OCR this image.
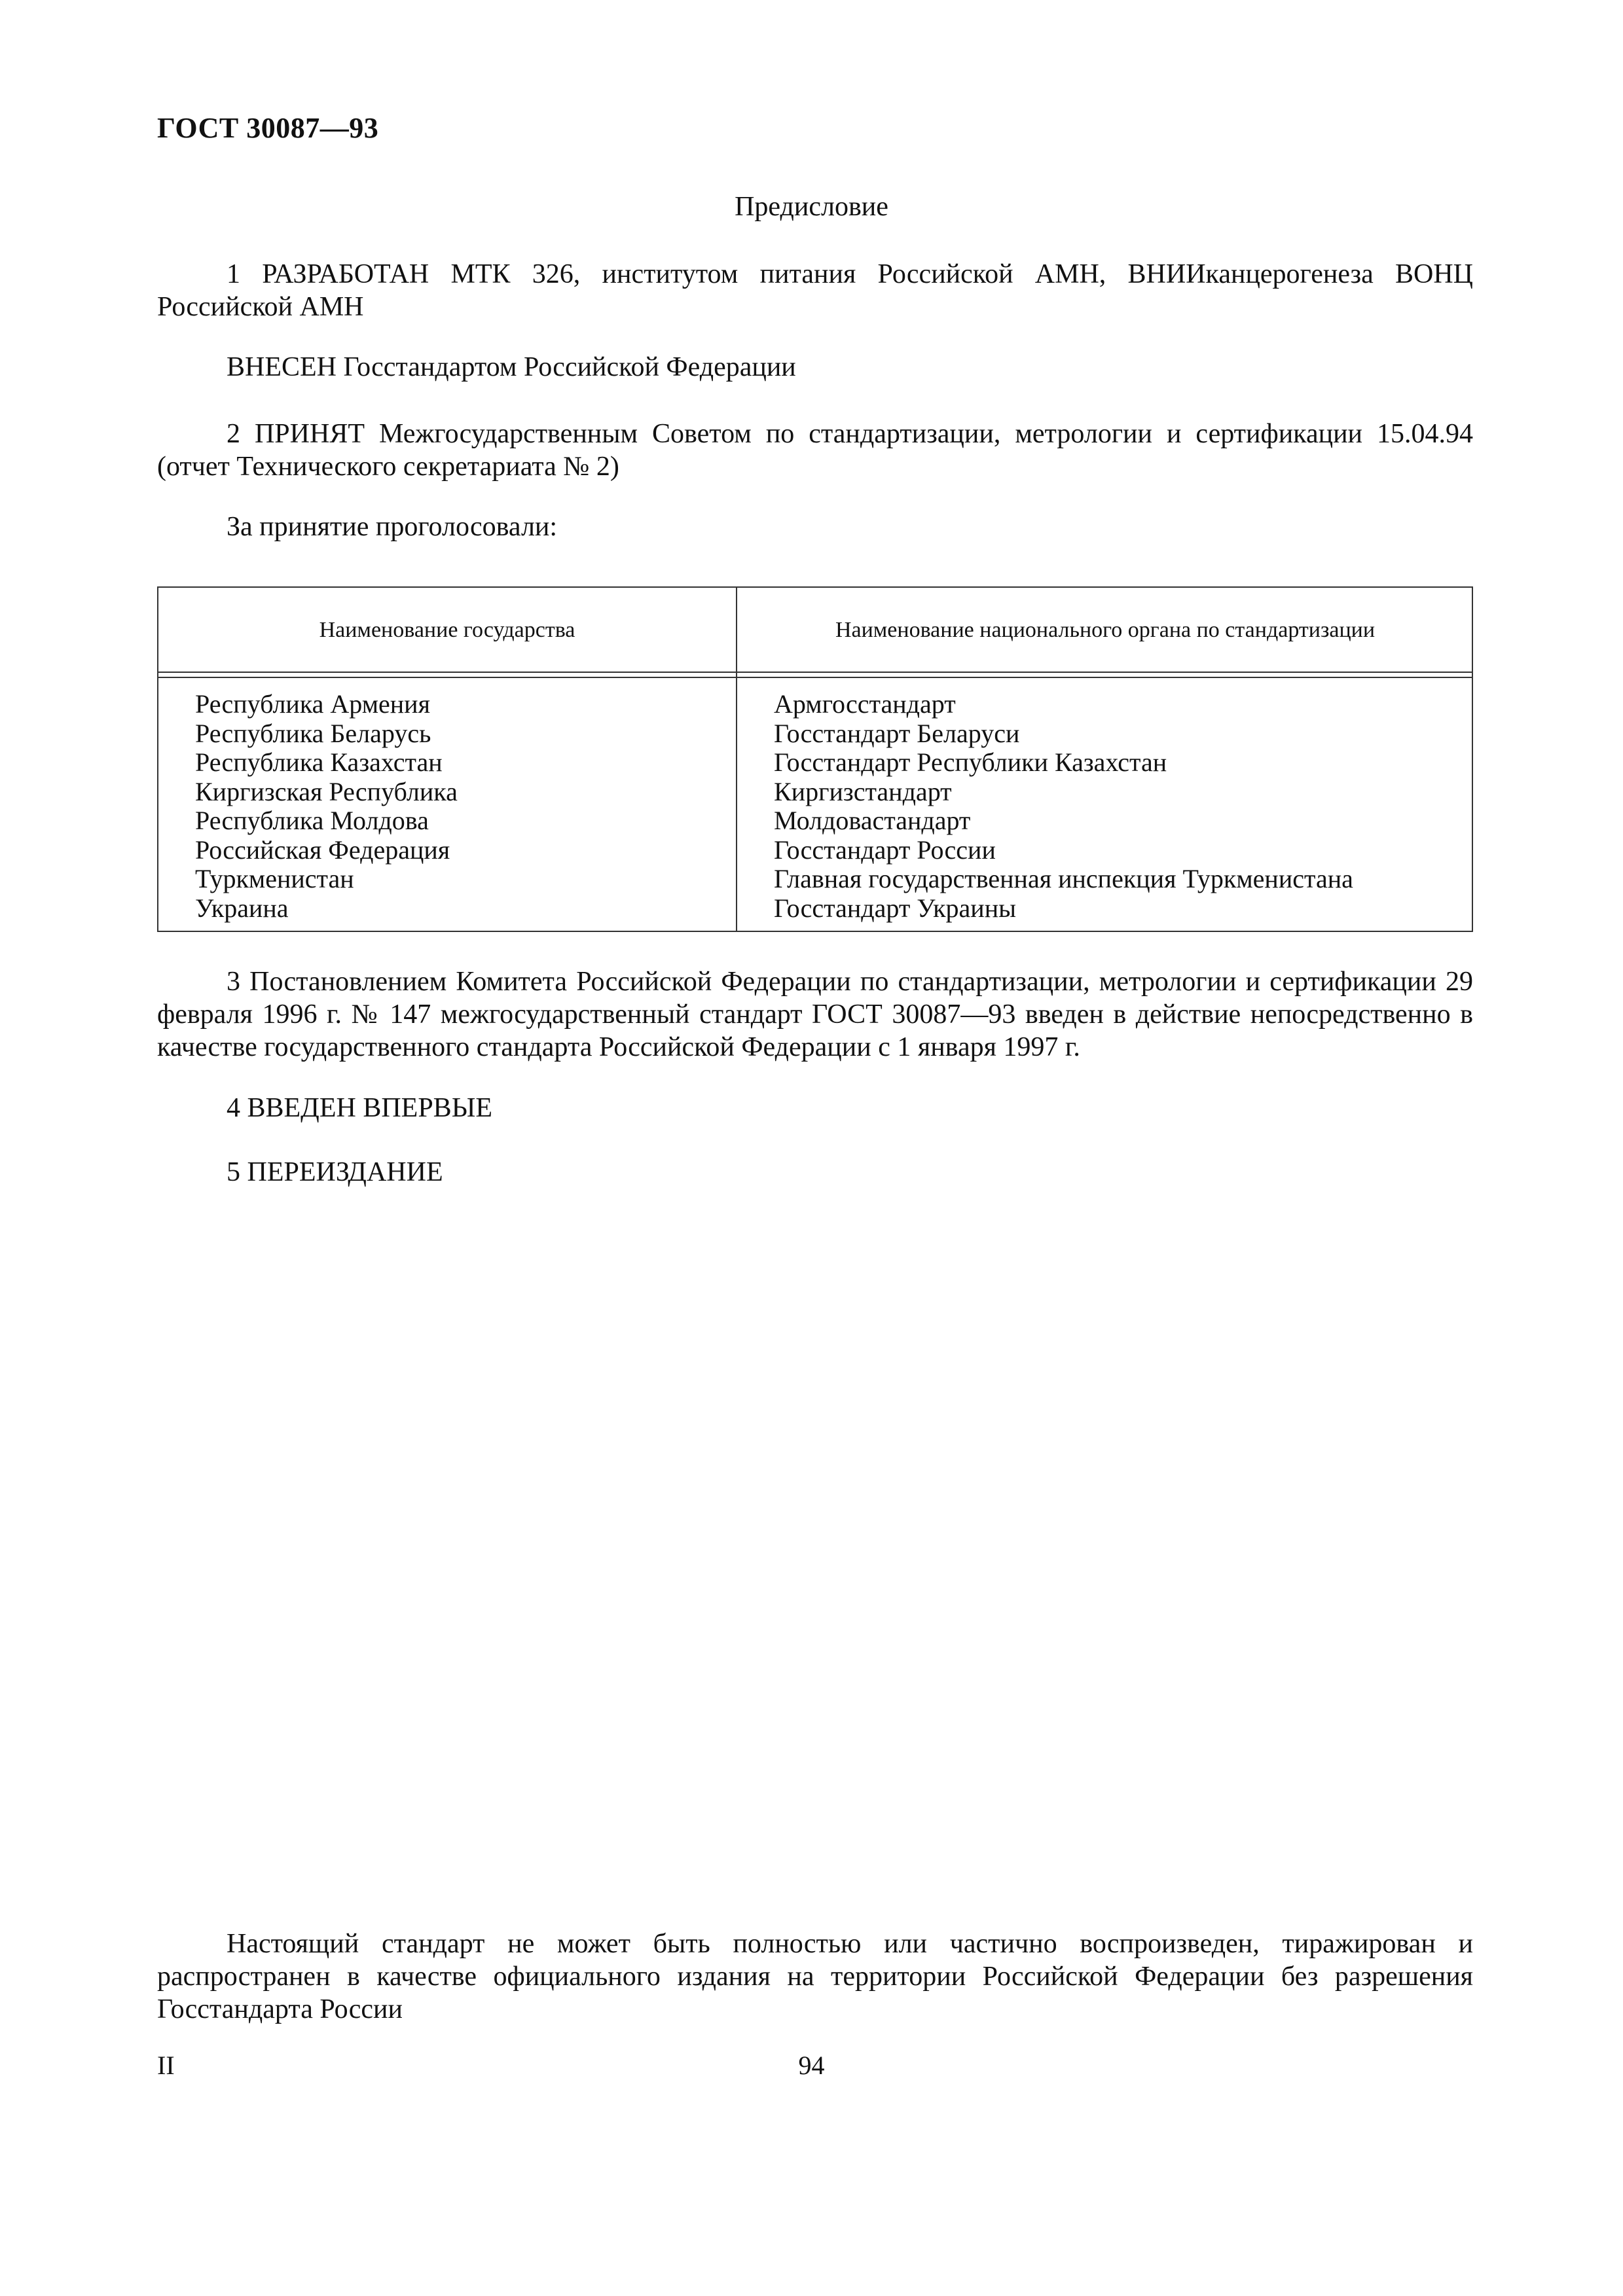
ГОСТ 30087—93
Предисловие
1 РАЗРАБОТАН МТК 326, институтом питания Российской АМН, ВНИИканцерогенеза ВОНЦ Российской АМН
ВНЕСЕН Госстандартом Российской Федерации
2 ПРИНЯТ Межгосударственным Советом по стандартизации, метрологии и сертификации 15.04.94 (отчет Технического секретариата № 2)
За принятие проголосовали:
Наименование государства	Наименование национального органа по стандартизации
Республика Армения
Республика Беларусь
Республика Казахстан
Киргизская Республика
Республика Молдова
Российская Федерация
Туркменистан
Украина
Армгосстандарт
Госстандарт Беларуси
Госстандарт Республики Казахстан
Киргизстандарт
Молдовастандарт
Госстандарт России
Главная государственная инспекция Туркменистана
Госстандарт Украины
3 Постановлением Комитета Российской Федерации по стандартизации, метрологии и сертификации 29 февраля 1996 г. № 147 межгосударственный стандарт ГОСТ 30087—93 введен в действие непосредственно в качестве государственного стандарта Российской Федерации с 1 января 1997 г.
4 ВВЕДЕН ВПЕРВЫЕ
5 ПЕРЕИЗДАНИЕ
Настоящий стандарт не может быть полностью или частично воспроизведен, тиражирован и распространен в качестве официального издания на территории Российской Федерации без разрешения Госстандарта России
II	94
